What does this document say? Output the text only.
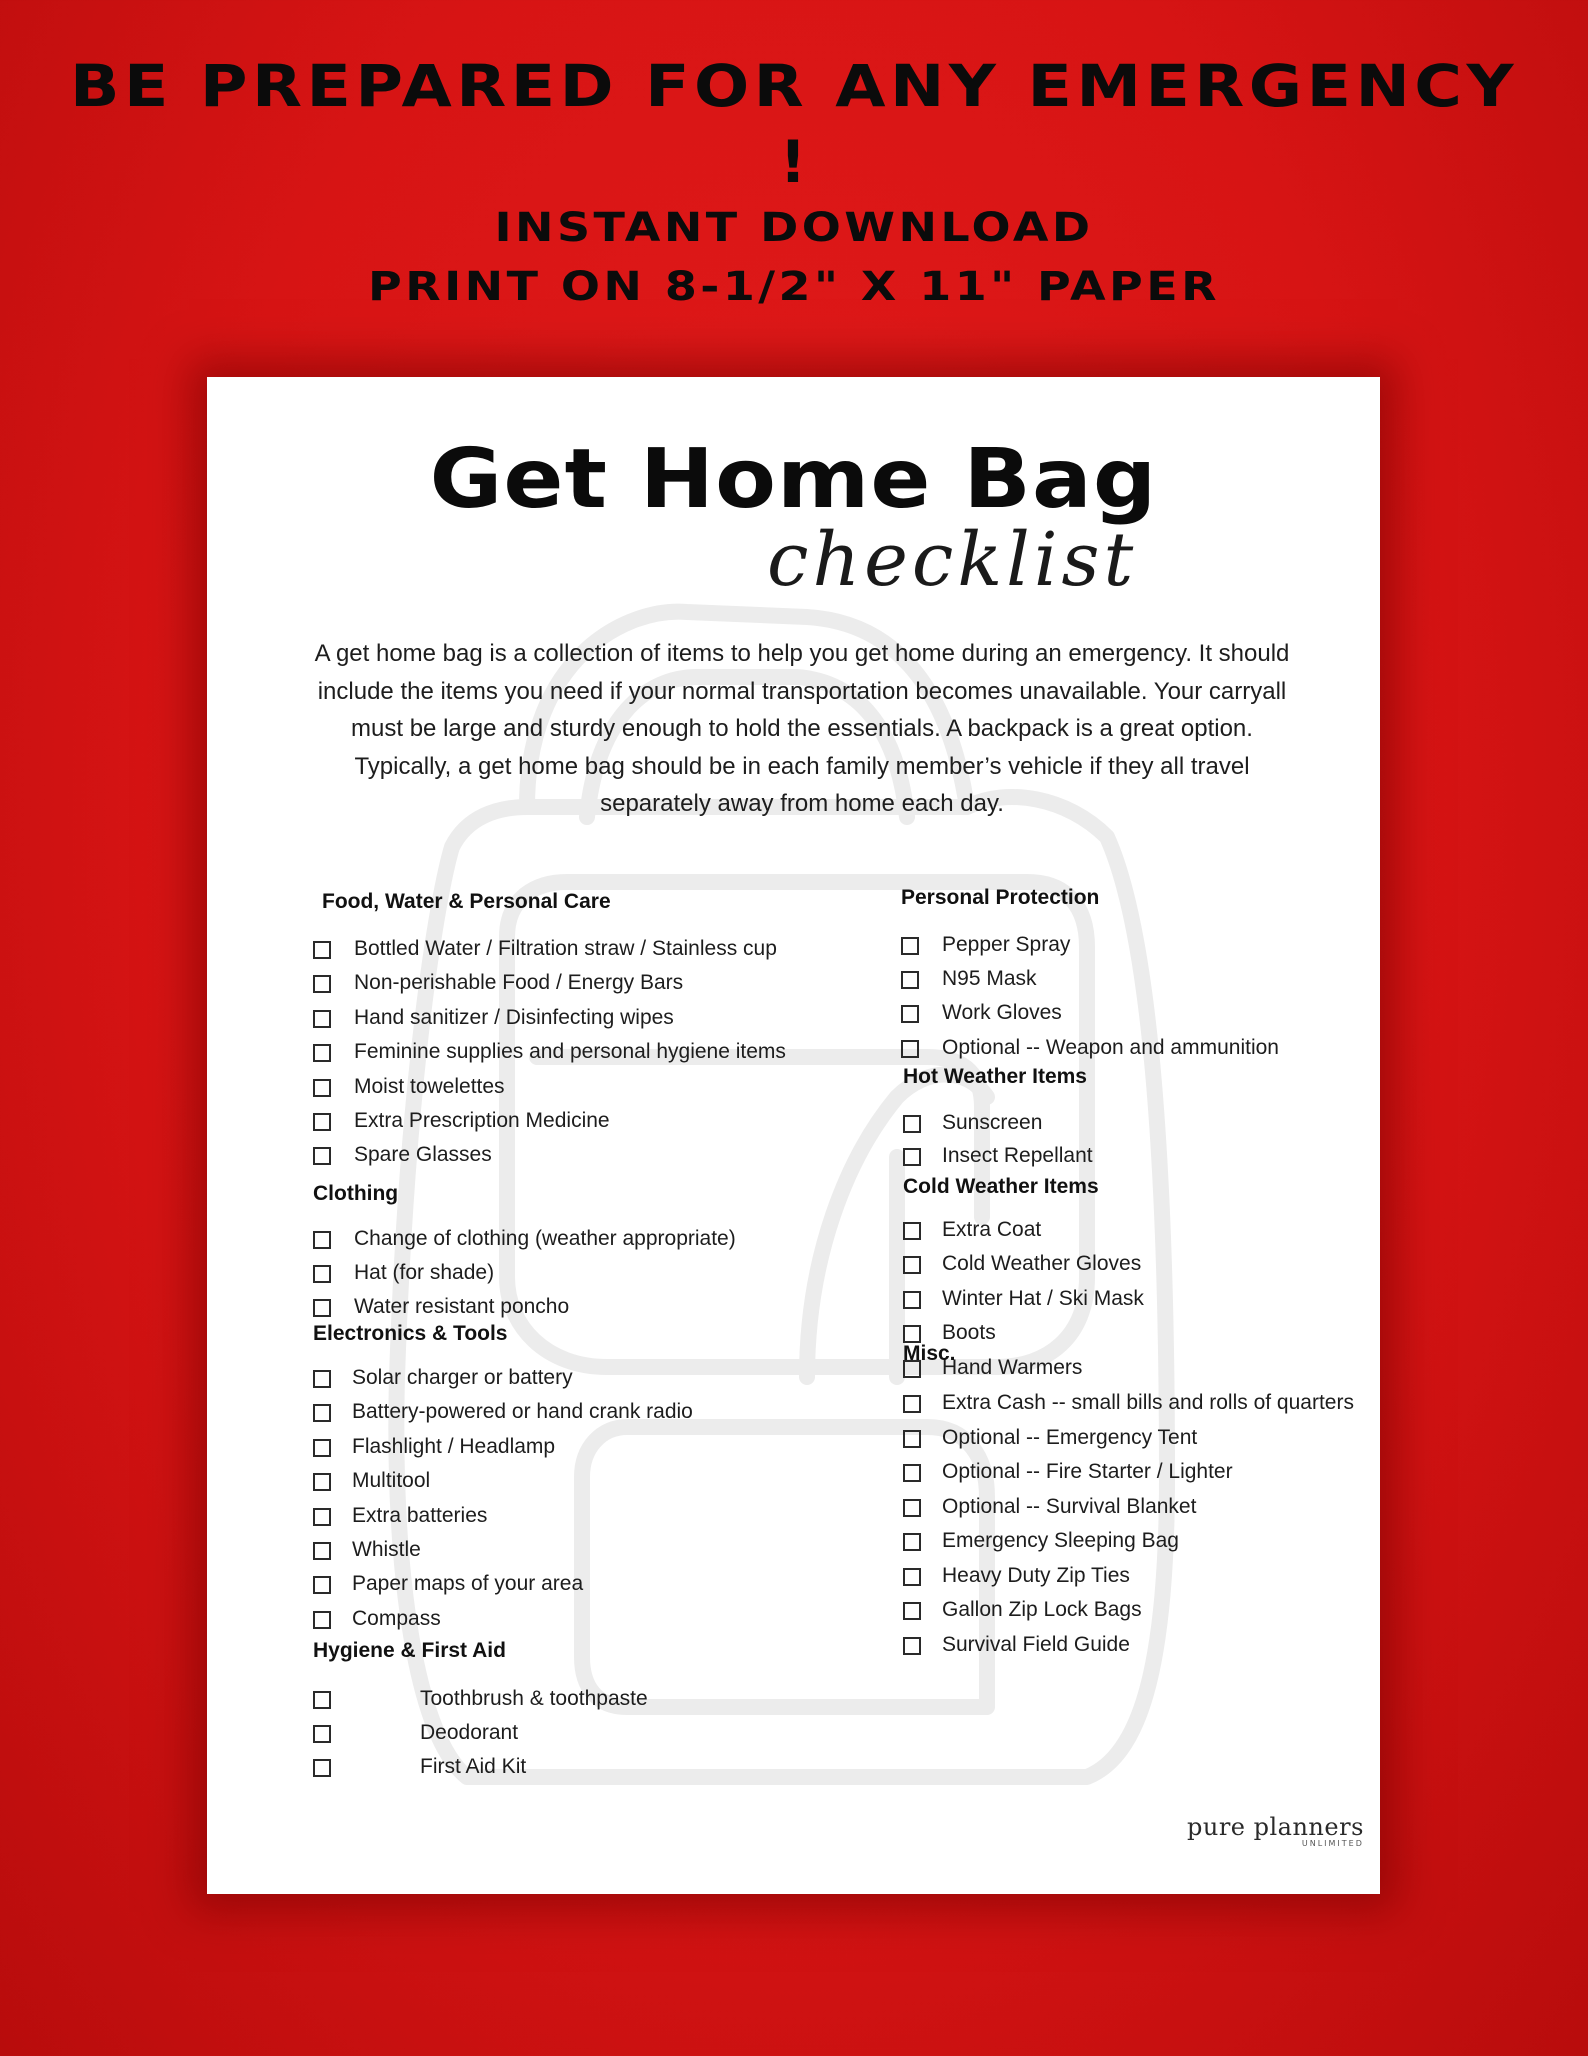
BE PREPARED FOR ANY EMERGENCY
!
INSTANT DOWNLOAD
PRINT ON 8-1/2" X 11" PAPER
Get Home Bag
checklist
A get home bag is a collection of items to help you get home during an emergency. It should include the items you need if your normal transportation becomes unavailable. Your carryall must be large and sturdy enough to hold the essentials. A backpack is a great option. Typically, a get home bag should be in each family member’s vehicle if they all travel separately away from home each day.
Food, Water & Personal Care
Bottled Water / Filtration straw / Stainless cup
Non-perishable Food / Energy Bars
Hand sanitizer / Disinfecting wipes
Feminine supplies and personal hygiene items
Moist towelettes
Extra Prescription Medicine
Spare Glasses
Clothing
Change of clothing (weather appropriate)
Hat (for shade)
Water resistant poncho
Electronics & Tools
Solar charger or battery
Battery-powered or hand crank radio
Flashlight / Headlamp
Multitool
Extra batteries
Whistle
Paper maps of your area
Compass
Hygiene & First Aid
Toothbrush & toothpaste
Deodorant
First Aid Kit
Personal Protection
Pepper Spray
N95 Mask
Work Gloves
Optional -- Weapon and ammunition
Hot Weather Items
Sunscreen
Insect Repellant
Cold Weather Items
Extra Coat
Cold Weather Gloves
Winter Hat / Ski Mask
Boots
Hand Warmers
Misc.
Extra Cash -- small bills and rolls of quarters
Optional -- Emergency Tent
Optional -- Fire Starter / Lighter
Optional -- Survival Blanket
Emergency Sleeping Bag
Heavy Duty Zip Ties
Gallon Zip Lock Bags
Survival Field Guide
pure planners
UNLIMITED
